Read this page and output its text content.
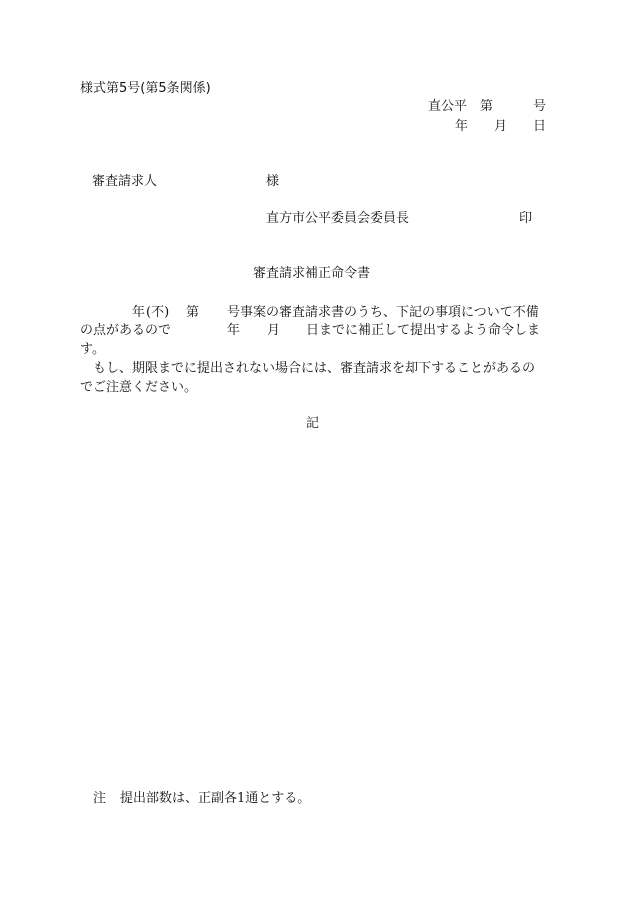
様式第5号(第5条関係)
直公平 第	号
年 月 日
審査請求人	様
直方市公平委員会委員長	印
審査請求補正命令書
年 (不) 第 号事案の審査請求書のうち、下記の事項について不備
の点があるので	年 月 日までに補正して提出するよう命令しま
す。
もし、期限までに提出されない場合には、審査請求を却下することがあるの
でご注意ください。
記
注 提出部数は、正副各1通とする。
